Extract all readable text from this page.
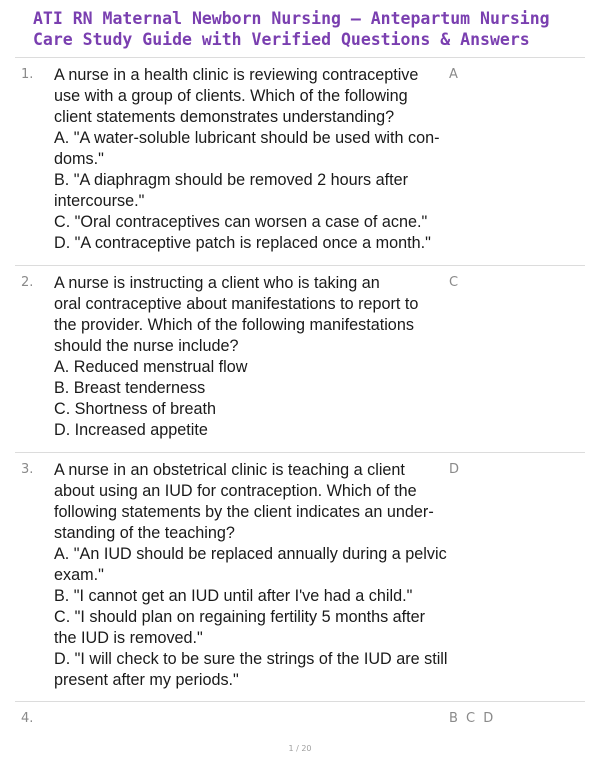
ATI RN Maternal Newborn Nursing – Antepartum Nursing
Care Study Guide with Verified Questions & Answers
1. A nurse in a health clinic is reviewing contraceptive
use with a group of clients. Which of the following
client statements demonstrates understanding?
A. "A water-soluble lubricant should be used with con-
doms."
B. "A diaphragm should be removed 2 hours after
intercourse."
C. "Oral contraceptives can worsen a case of acne."
D. "A contraceptive patch is replaced once a month."
A
2. A nurse is instructing a client who is taking an
oral contraceptive about manifestations to report to
the provider. Which of the following manifestations
should the nurse include?
A. Reduced menstrual flow
B. Breast tenderness
C. Shortness of breath
D. Increased appetite
C
3. A nurse in an obstetrical clinic is teaching a client
about using an IUD for contraception. Which of the
following statements by the client indicates an under-
standing of the teaching?
A. "An IUD should be replaced annually during a pelvic
exam."
B. "I cannot get an IUD until after I've had a child."
C. "I should plan on regaining fertility 5 months after
the IUD is removed."
D. "I will check to be sure the strings of the IUD are still
present after my periods."
D
4.	B C D
1 / 20
